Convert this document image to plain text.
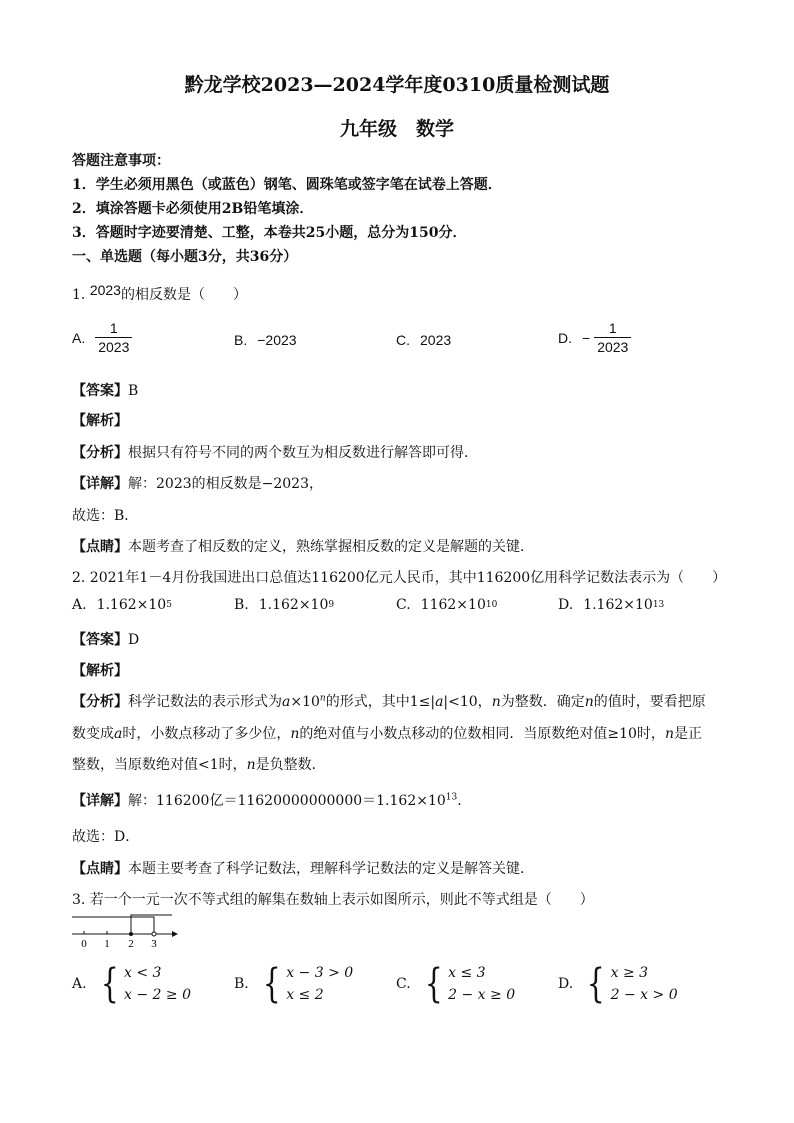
黔龙学校2023—2024学年度0310质量检测试题
九年级　数学
答题注意事项：
1．学生必须用黑色（或蓝色）钢笔、圆珠笔或签字笔在试卷上答题．
2．填涂答题卡必须使用2B铅笔填涂．
3．答题时字迹要清楚、工整，本卷共25小题，总分为150分．
一、单选题（每小题3分，共36分）
1. 2023的相反数是（　　）
A. $\frac{1}{2023}$	B. −2023	C. 2023	D. − $\frac{1}{2023}$
【答案】B
【解析】
【分析】根据只有符号不同的两个数互为相反数进行解答即可得．
【详解】解：2023的相反数是−2023，
故选：B．
【点睛】本题考查了相反数的定义，熟练掌握相反数的定义是解题的关键．
2. 2021年1－4月份我国进出口总值达116200亿元人民币，其中116200亿用科学记数法表示为（　　）
A. 1.162×10 5	B. 1.162×10 9	C. 1162×10 10	D. 1.162×10 13
【答案】D
【解析】
【分析】科学记数法的表示形式为$a\times 10^n$的形式，其中1≤|a|<10，n为整数．确定n的值时，要看把原
数变成a时，小数点移动了多少位，n的绝对值与小数点移动的位数相同．当原数绝对值≥10时，n是正
整数，当原数绝对值<1时，n是负整数．
【详解】解：116200亿$=11620000000000=1.162\times 10^{13}$．
故选：D．
【点睛】本题主要考查了科学记数法，理解科学记数法的定义是解答关键．
3. 若一个一元一次不等式组的解集在数轴上表示如图所示，则此不等式组是（　　）
0 1 2 3
A. { x < 3
x − 2 ≥ 0
B. { x − 3 > 0
x ≤ 2
C. { x ≤ 3
2 − x ≥ 0
D. { x ≥ 3
2 − x > 0
